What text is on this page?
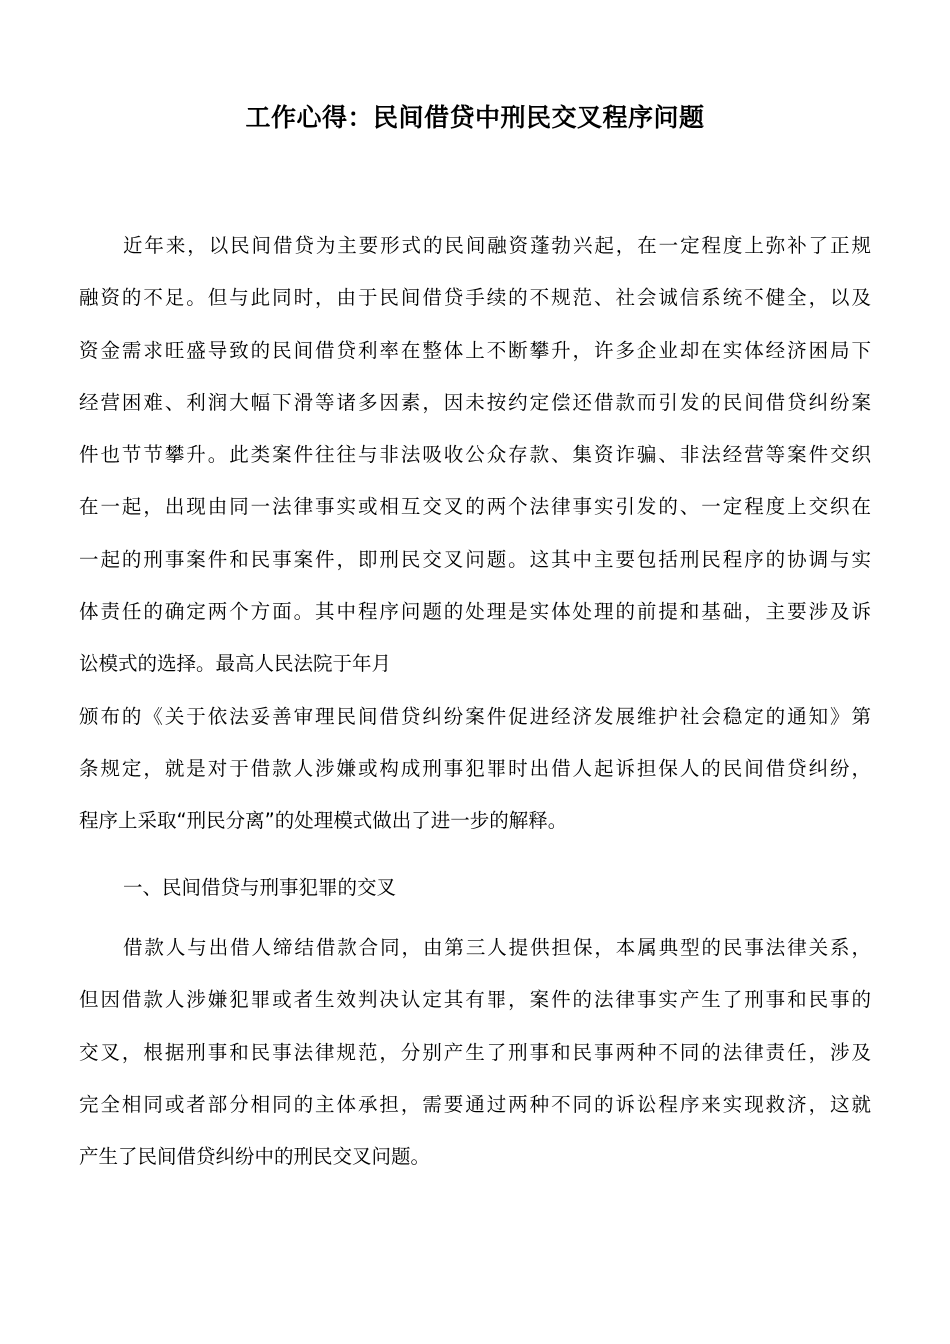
工作心得：民间借贷中刑民交叉程序问题

近年来，以民间借贷为主要形式的民间融资蓬勃兴起，在一定程度上弥补了正规
融资的不足。但与此同时，由于民间借贷手续的不规范、社会诚信系统不健全，以及
资金需求旺盛导致的民间借贷利率在整体上不断攀升，许多企业却在实体经济困局下
经营困难、利润大幅下滑等诸多因素，因未按约定偿还借款而引发的民间借贷纠纷案
件也节节攀升。此类案件往往与非法吸收公众存款、集资诈骗、非法经营等案件交织
在一起，出现由同一法律事实或相互交叉的两个法律事实引发的、一定程度上交织在
一起的刑事案件和民事案件，即刑民交叉问题。这其中主要包括刑民程序的协调与实
体责任的确定两个方面。其中程序问题的处理是实体处理的前提和基础，主要涉及诉
讼模式的选择。最高人民法院于年月
颁布的《关于依法妥善审理民间借贷纠纷案件促进经济发展维护社会稳定的通知》第
条规定，就是对于借款人涉嫌或构成刑事犯罪时出借人起诉担保人的民间借贷纠纷，
程序上采取“刑民分离”的处理模式做出了进一步的解释。

一、民间借贷与刑事犯罪的交叉

借款人与出借人缔结借款合同，由第三人提供担保，本属典型的民事法律关系，
但因借款人涉嫌犯罪或者生效判决认定其有罪，案件的法律事实产生了刑事和民事的
交叉，根据刑事和民事法律规范，分别产生了刑事和民事两种不同的法律责任，涉及
完全相同或者部分相同的主体承担，需要通过两种不同的诉讼程序来实现救济，这就
产生了民间借贷纠纷中的刑民交叉问题。
